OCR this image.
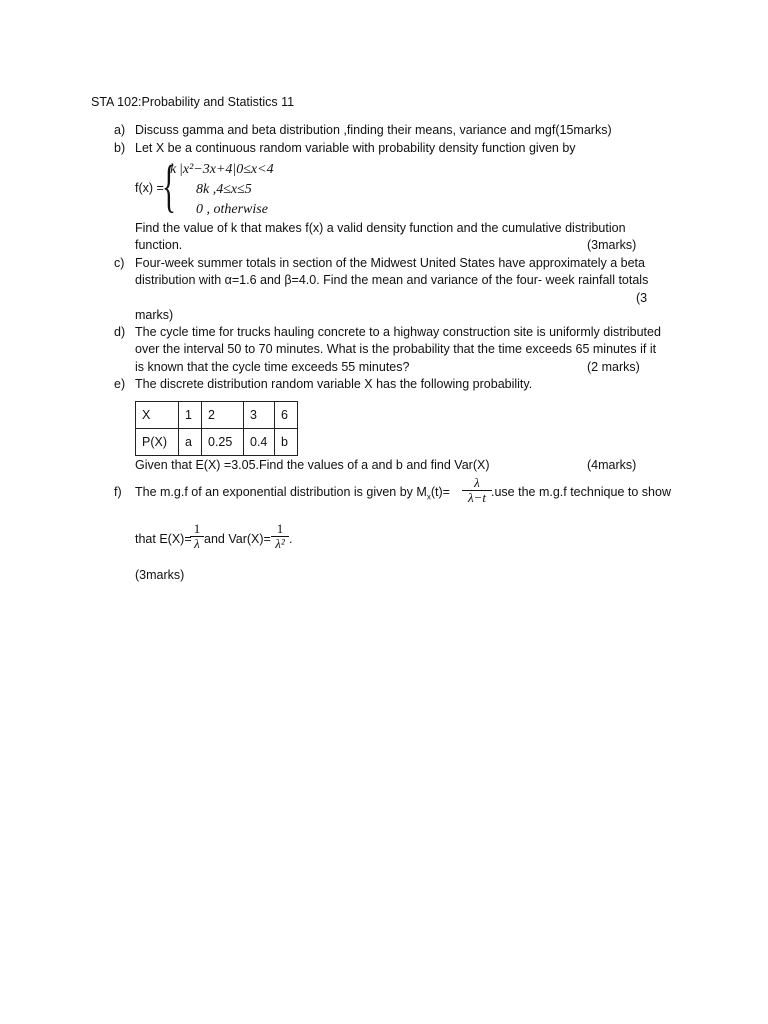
STA 102:Probability and Statistics 11
a) Discuss gamma and beta distribution ,finding their means, variance and mgf(15marks)
b) Let X be a continuous random variable with probability density function given by
f(x) =
{
k |x²−3x+4|0≤x<4
8k ,4≤x≤5
0 , otherwise
Find the value of k that makes f(x) a valid density function and the cumulative distribution
function.	(3marks)
c) Four-week summer totals in section of the Midwest United States have approximately a beta
distribution with α=1.6 and β=4.0. Find the mean and variance of the four- week rainfall totals
(3
marks)
d) The cycle time for trucks hauling concrete to a highway construction site is uniformly distributed
over the interval 50 to 70 minutes. What is the probability that the time exceeds 65 minutes if it
is known that the cycle time exceeds 55 minutes?	(2 marks)
e) The discrete distribution random variable X has the following probability.
X	1	2	3	6
P(X)	a	0.25	0.4	b
Given that E(X) =3.05.Find the values of a and b and find Var(X)	(4marks)
f) The m.g.f of an exponential distribution is given by $M_x(t)=$
λ
λ−t .use the m.g.f technique to show
that E(X)=
1
λ and Var(X)=
1
λ² .
(3marks)
